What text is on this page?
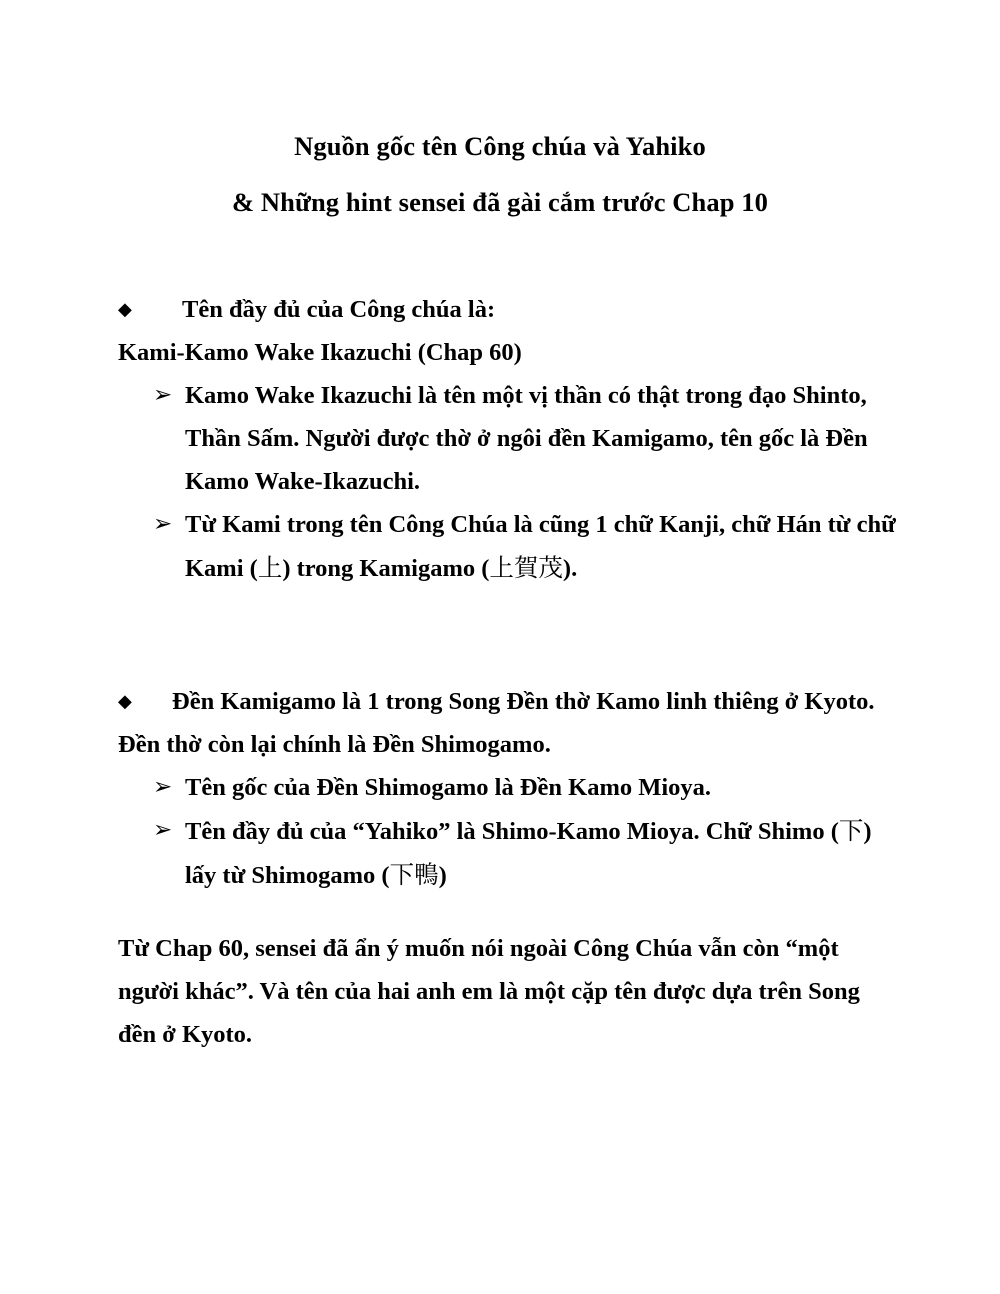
Nguồn gốc tên Công chúa và Yahiko
& Những hint sensei đã gài cắm trước Chap 10
◆	Tên đầy đủ của Công chúa là:
Kami-Kamo Wake Ikazuchi (Chap 60)
➢ Kamo Wake Ikazuchi là tên một vị thần có thật trong đạo Shinto, Thần Sấm. Người được thờ ở ngôi đền Kamigamo, tên gốc là Đền Kamo Wake-Ikazuchi.
➢ Từ Kami trong tên Công Chúa là cũng 1 chữ Kanji, chữ Hán từ chữ Kami (上) trong Kamigamo (上賀茂).
◆	Đền Kamigamo là 1 trong Song Đền thờ Kamo linh thiêng ở Kyoto. Đền thờ còn lại chính là Đền Shimogamo.
➢ Tên gốc của Đền Shimogamo là Đền Kamo Mioya.
➢ Tên đầy đủ của “Yahiko” là Shimo-Kamo Mioya. Chữ Shimo (下) lấy từ Shimogamo (下鴨)
Từ Chap 60, sensei đã ẩn ý muốn nói ngoài Công Chúa vẫn còn “một người khác”. Và tên của hai anh em là một cặp tên được dựa trên Song đền ở Kyoto.
